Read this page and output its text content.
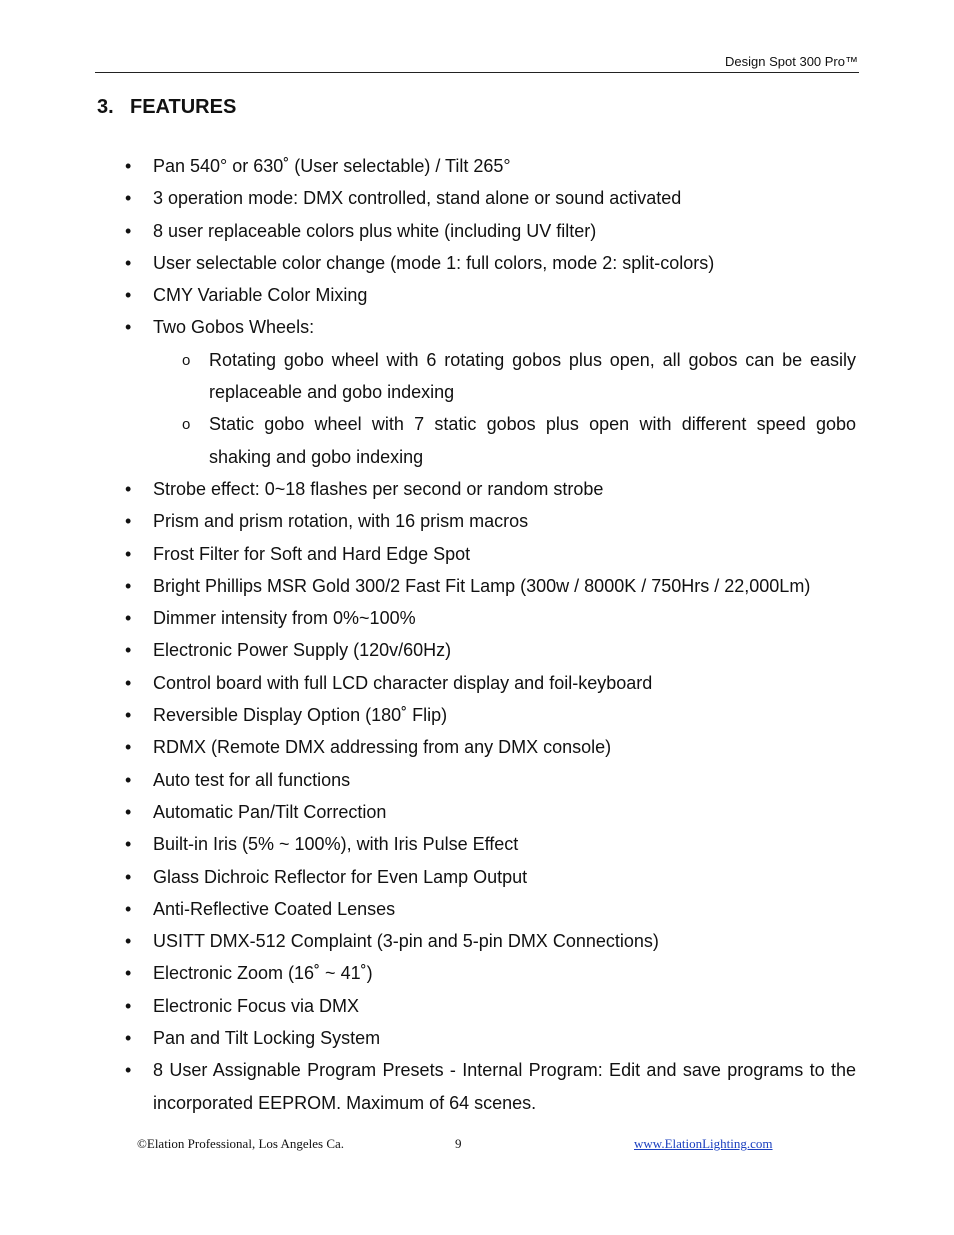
Design Spot 300 Pro™
3. FEATURES
• Pan 540° or 630˚ (User selectable) / Tilt 265°
• 3 operation mode: DMX controlled, stand alone or sound activated
• 8 user replaceable colors plus white (including UV filter)
• User selectable color change (mode 1: full colors, mode 2: split-colors)
• CMY Variable Color Mixing
• Two Gobos Wheels:
o Rotating gobo wheel with 6 rotating gobos plus open, all gobos can be easily replaceable and gobo indexing
o Static gobo wheel with 7 static gobos plus open with different speed gobo shaking and gobo indexing
• Strobe effect: 0~18 flashes per second or random strobe
• Prism and prism rotation, with 16 prism macros
• Frost Filter for Soft and Hard Edge Spot
• Bright Phillips MSR Gold 300/2 Fast Fit Lamp (300w / 8000K / 750Hrs / 22,000Lm)
• Dimmer intensity from 0%~100%
• Electronic Power Supply (120v/60Hz)
• Control board with full LCD character display and foil-keyboard
• Reversible Display Option (180˚ Flip)
• RDMX (Remote DMX addressing from any DMX console)
• Auto test for all functions
• Automatic Pan/Tilt Correction
• Built-in Iris (5% ~ 100%), with Iris Pulse Effect
• Glass Dichroic Reflector for Even Lamp Output
• Anti-Reflective Coated Lenses
• USITT DMX-512 Complaint (3-pin and 5-pin DMX Connections)
• Electronic Zoom (16˚ ~ 41˚)
• Electronic Focus via DMX
• Pan and Tilt Locking System
• 8 User Assignable Program Presets - Internal Program: Edit and save programs to the incorporated EEPROM. Maximum of 64 scenes.
©Elation Professional, Los Angeles Ca.	9	www.ElationLighting.com
